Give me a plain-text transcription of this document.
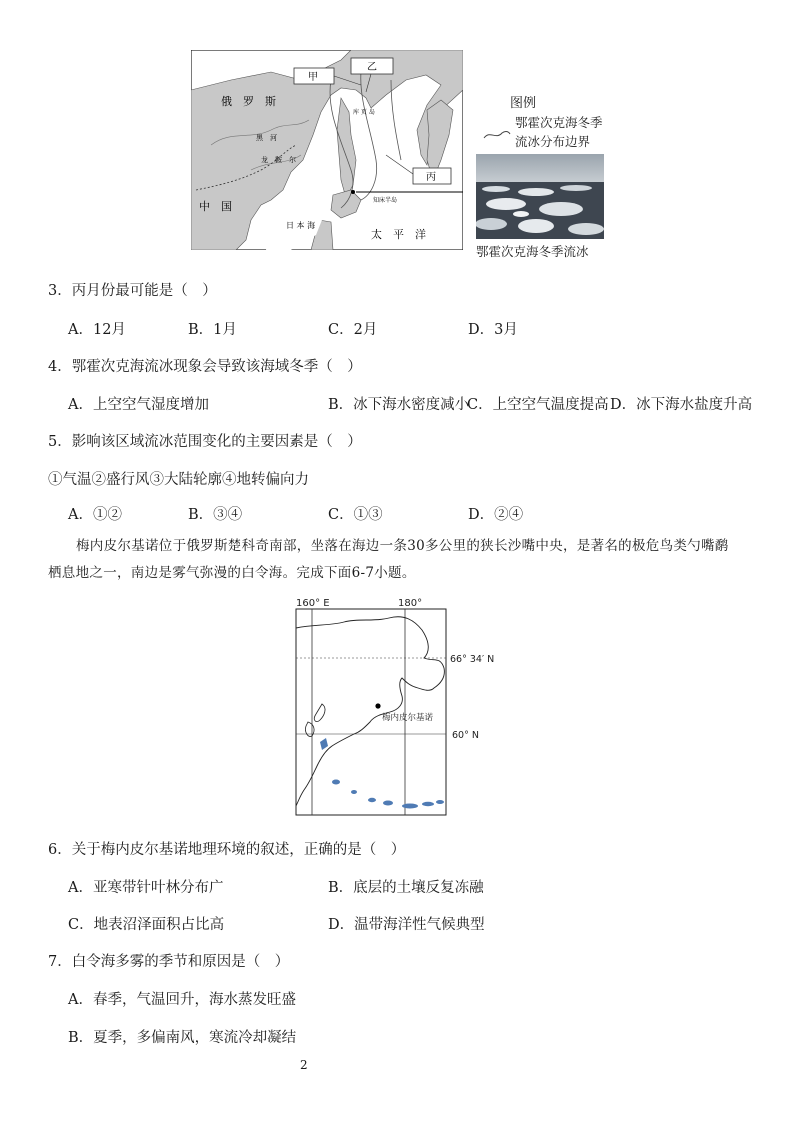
甲
乙
丙
俄　罗　斯
中　国
日 本 海
太　平　洋
黑　河
龙　鞍　尔
库 页 岛
知床半岛
图例
鄂霍次克海冬季
流冰分布边界
鄂霍次克海冬季流冰
3．丙月份最可能是（　）
A．12月	B．1月	C．2月	D．3月
4．鄂霍次克海流冰现象会导致该海域冬季（　）
A．上空空气湿度增加	B．冰下海水密度减小
C．上空空气温度提高 D．冰下海水盐度升高
5．影响该区域流冰范围变化的主要因素是（　）
①气温②盛行风③大陆轮廓④地转偏向力
A．①②	B．③④	C．①③	D．②④
梅内皮尔基诺位于俄罗斯楚科奇南部，坐落在海边一条30多公里的狭长沙嘴中央，是著名的极危鸟类勺嘴鹬
栖息地之一，南边是雾气弥漫的白令海。完成下面6-7小题。
160° E	180°
梅内皮尔基诺
66° 34′ N
60° N
6．关于梅内皮尔基诺地理环境的叙述，正确的是（　）
A．亚寒带针叶林分布广	B．底层的土壤反复冻融
C．地表沼泽面积占比高	D．温带海洋性气候典型
7．白令海多雾的季节和原因是（　）
A．春季，气温回升，海水蒸发旺盛
B．夏季，多偏南风，寒流冷却凝结
2
